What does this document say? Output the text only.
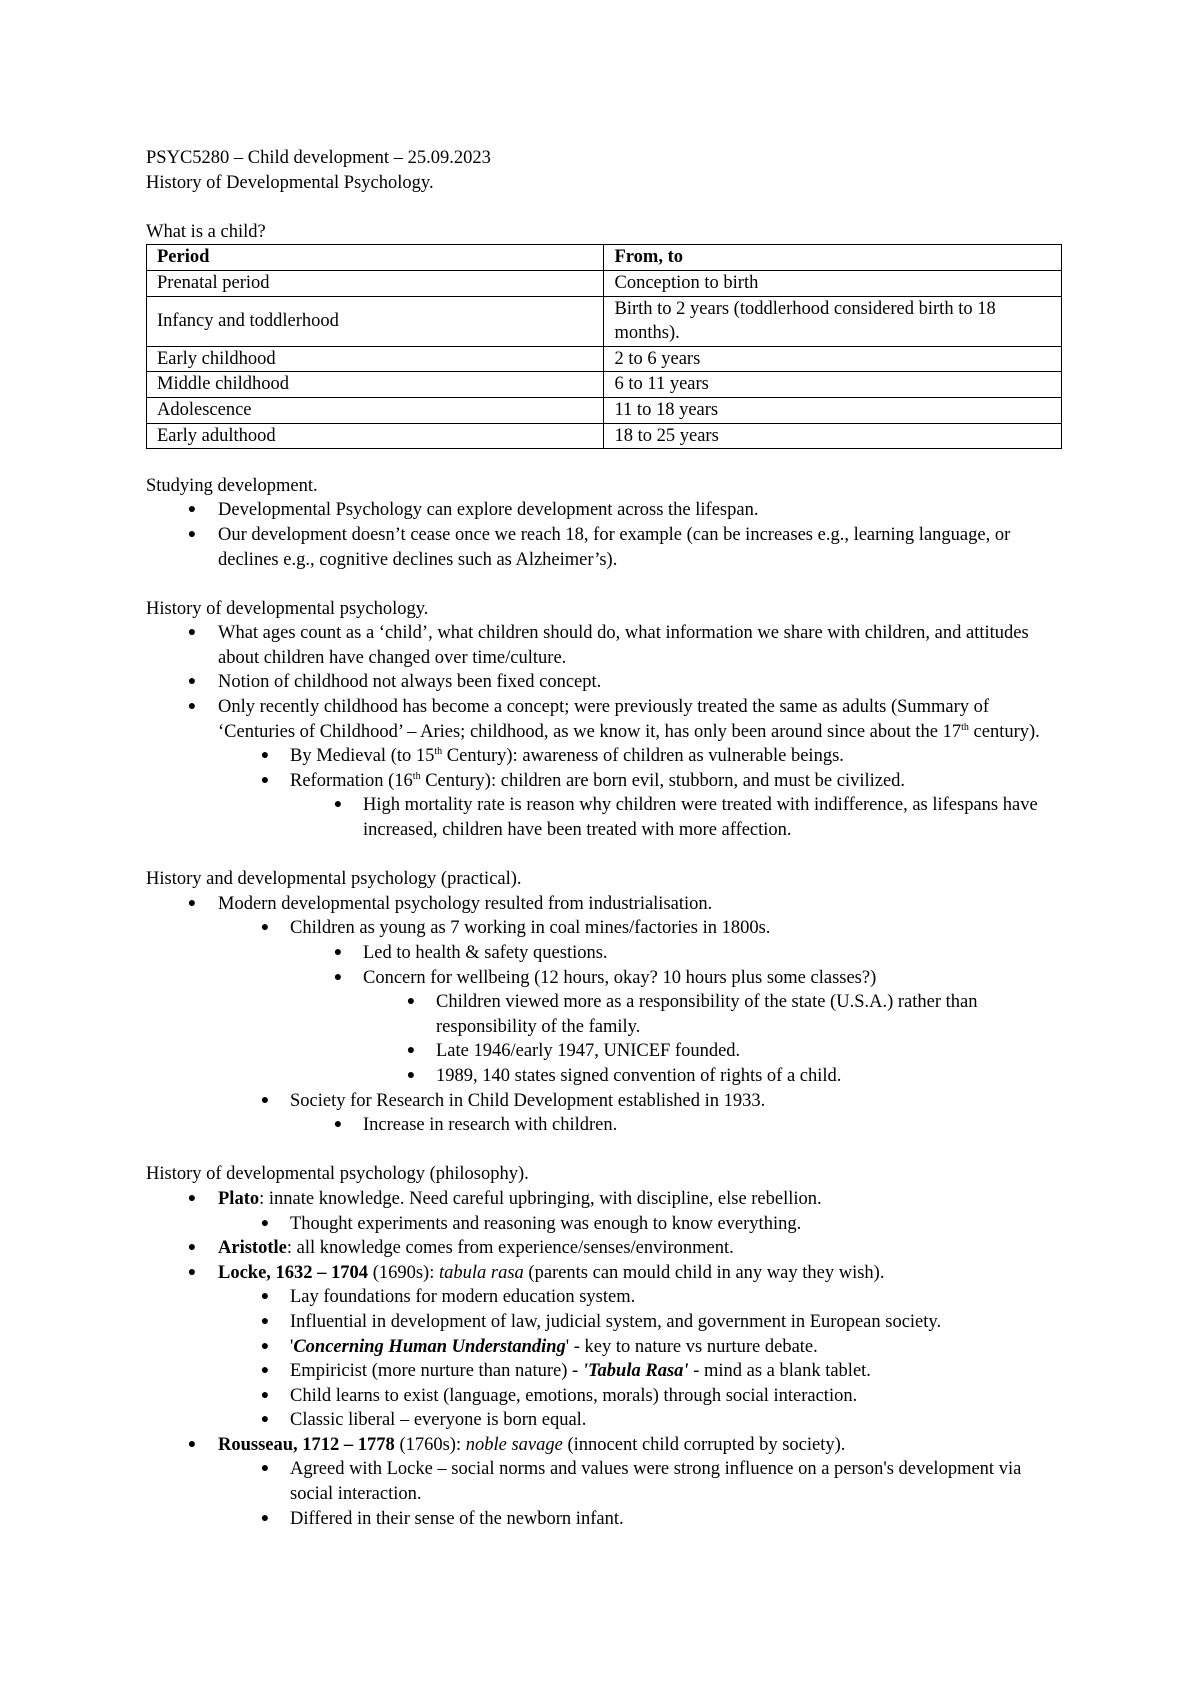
PSYC5280 – Child development – 25.09.2023
History of Developmental Psychology.
What is a child?
Period	From, to
Prenatal period	Conception to birth
Infancy and toddlerhood	Birth to 2 years (toddlerhood considered birth to 18 months).
Early childhood	2 to 6 years
Middle childhood	6 to 11 years
Adolescence	11 to 18 years
Early adulthood	18 to 25 years
Studying development.
● Developmental Psychology can explore development across the lifespan.
● Our development doesn’t cease once we reach 18, for example (can be increases e.g., learning language, or declines e.g., cognitive declines such as Alzheimer’s).
History of developmental psychology.
● What ages count as a ‘child’, what children should do, what information we share with children, and attitudes about children have changed over time/culture.
● Notion of childhood not always been fixed concept.
● Only recently childhood has become a concept; were previously treated the same as adults (Summary of ‘Centuries of Childhood’ – Aries; childhood, as we know it, has only been around since about the 17th century).
● By Medieval (to 15th Century): awareness of children as vulnerable beings.
● Reformation (16th Century): children are born evil, stubborn, and must be civilized.
● High mortality rate is reason why children were treated with indifference, as lifespans have increased, children have been treated with more affection.
History and developmental psychology (practical).
● Modern developmental psychology resulted from industrialisation.
● Children as young as 7 working in coal mines/factories in 1800s.
● Led to health & safety questions.
● Concern for wellbeing (12 hours, okay? 10 hours plus some classes?)
● Children viewed more as a responsibility of the state (U.S.A.) rather than responsibility of the family.
● Late 1946/early 1947, UNICEF founded.
● 1989, 140 states signed convention of rights of a child.
● Society for Research in Child Development established in 1933.
● Increase in research with children.
History of developmental psychology (philosophy).
● Plato: innate knowledge. Need careful upbringing, with discipline, else rebellion.
● Thought experiments and reasoning was enough to know everything.
● Aristotle: all knowledge comes from experience/senses/environment.
● Locke, 1632 – 1704 (1690s): tabula rasa (parents can mould child in any way they wish).
● Lay foundations for modern education system.
● Influential in development of law, judicial system, and government in European society.
● 'Concerning Human Understanding' - key to nature vs nurture debate.
● Empiricist (more nurture than nature) - 'Tabula Rasa' - mind as a blank tablet.
● Child learns to exist (language, emotions, morals) through social interaction.
● Classic liberal – everyone is born equal.
● Rousseau, 1712 – 1778 (1760s): noble savage (innocent child corrupted by society).
● Agreed with Locke – social norms and values were strong influence on a person's development via social interaction.
● Differed in their sense of the newborn infant.
